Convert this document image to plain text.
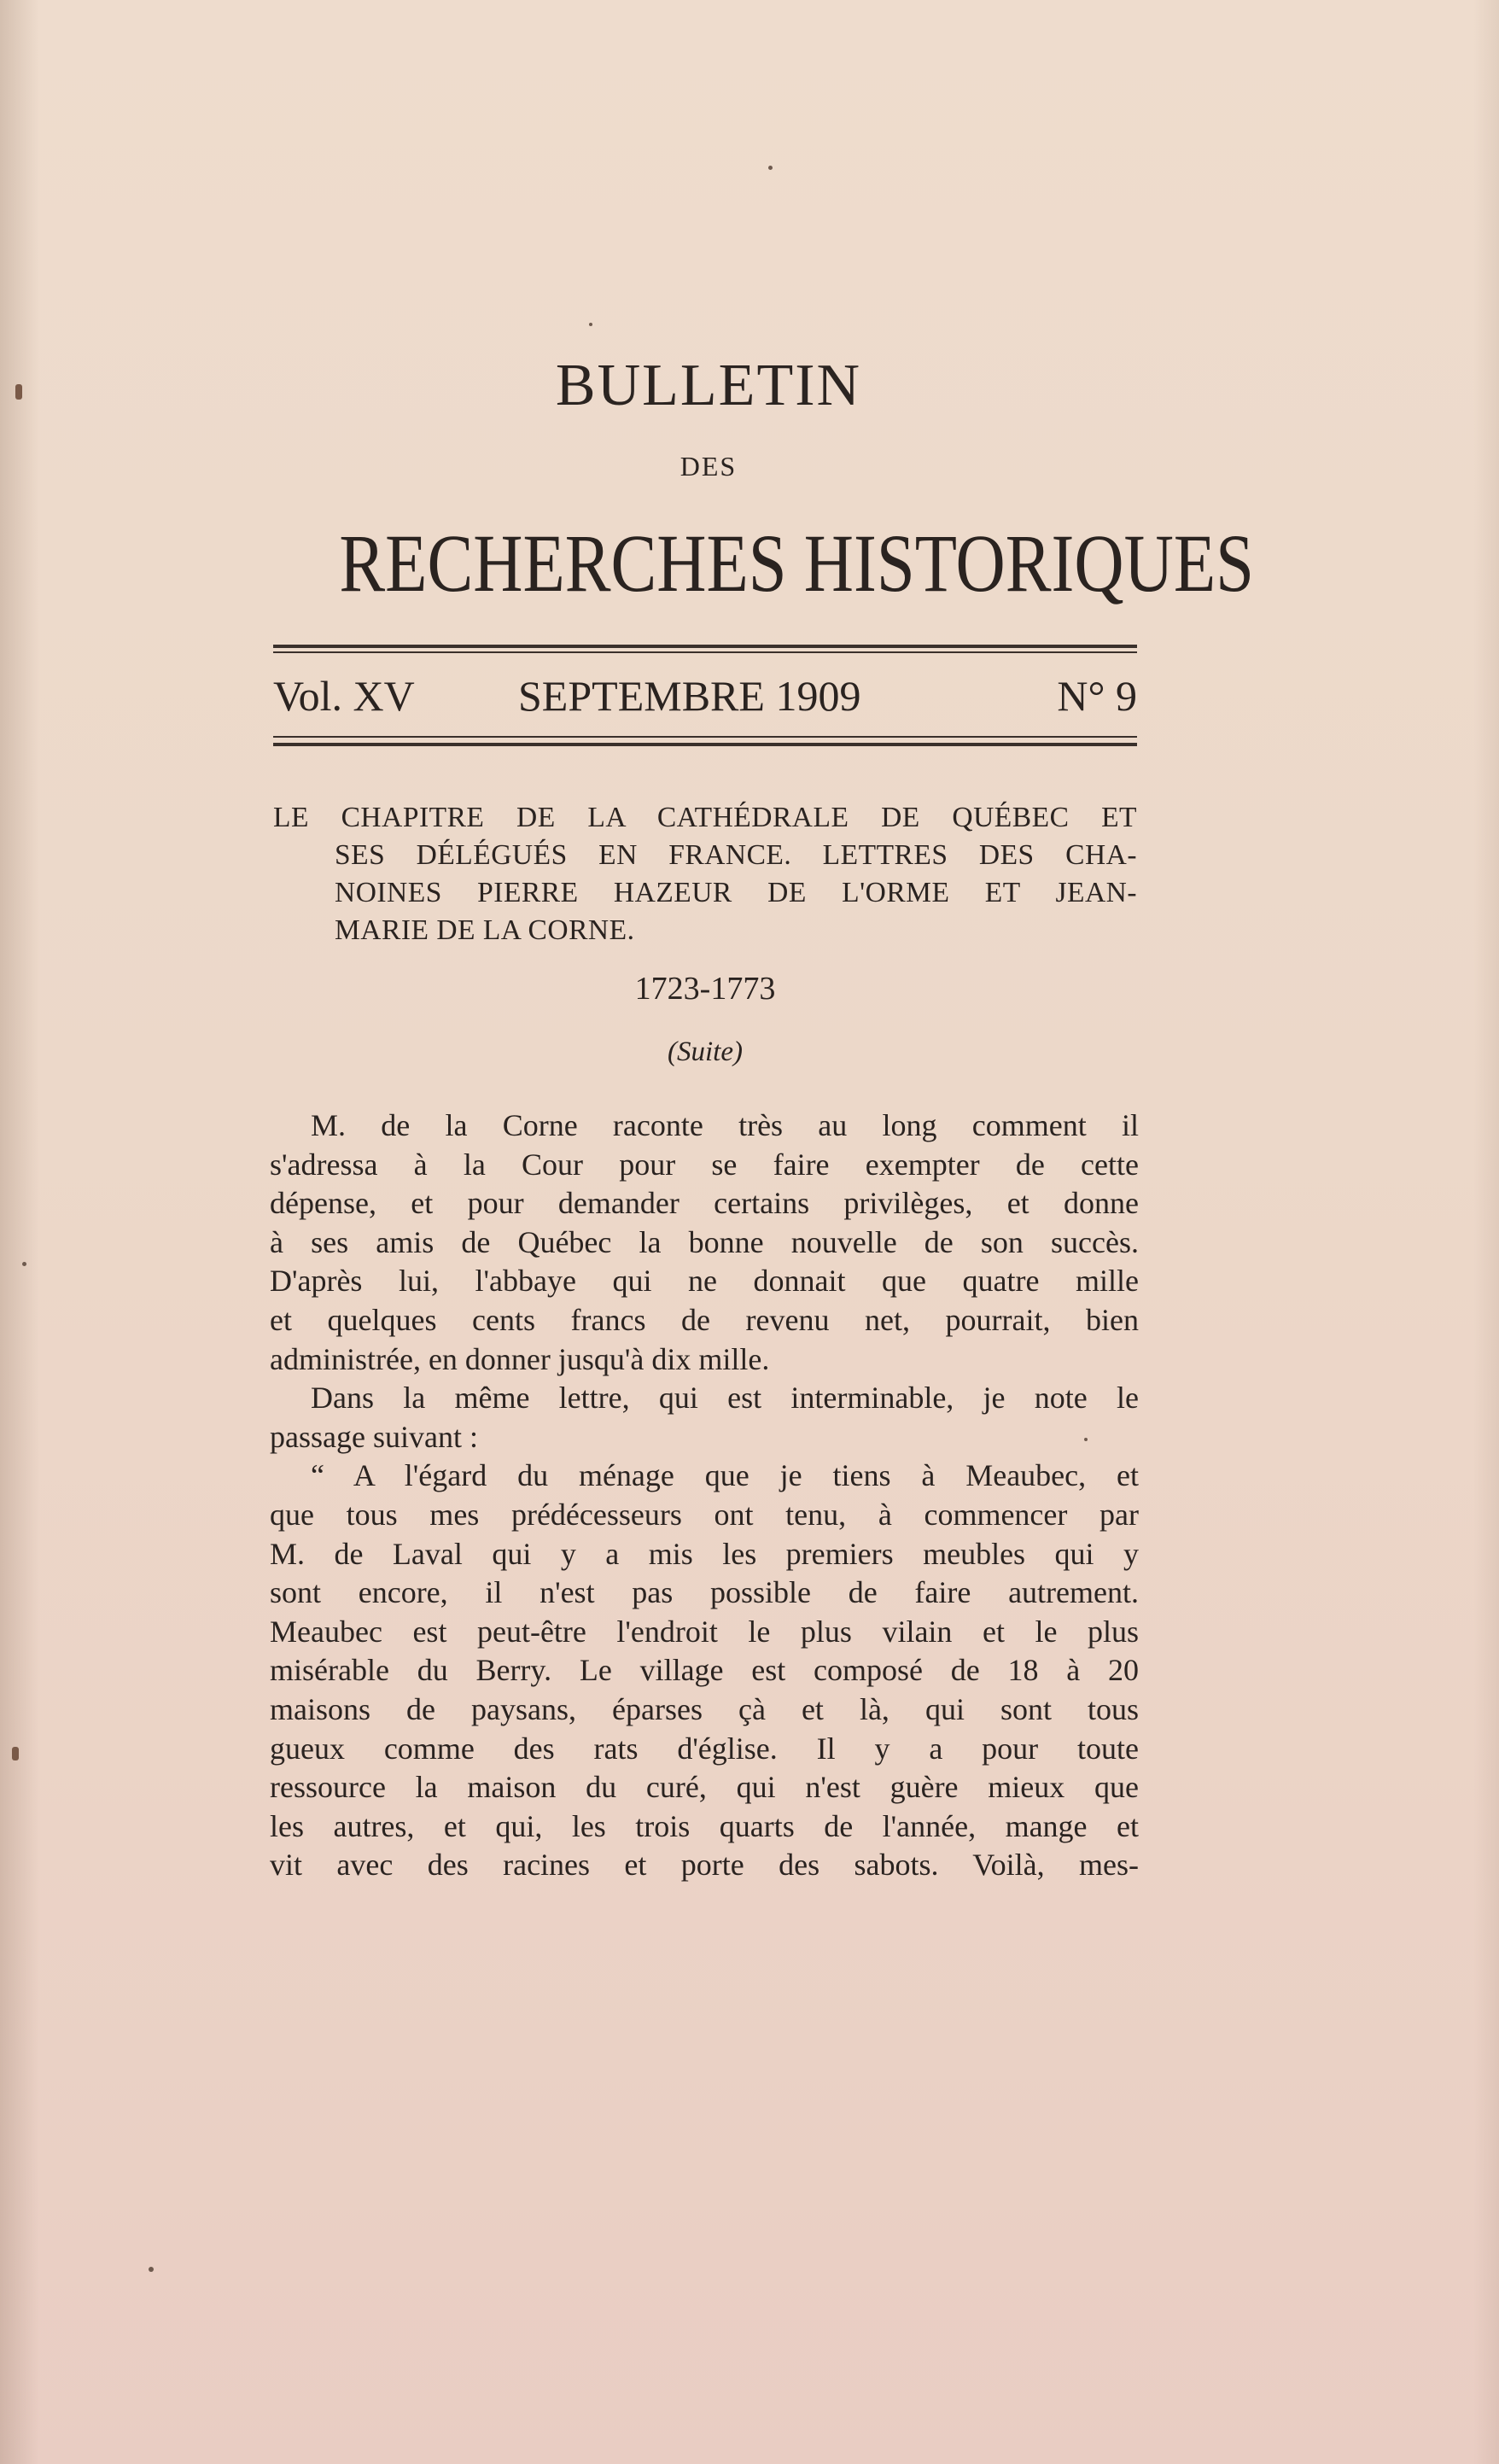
BULLETIN
DES
RECHERCHES HISTORIQUES
Vol. XV SEPTEMBRE 1909	N° 9
LE CHAPITRE DE LA CATHÉDRALE DE QUÉBEC ET
SES DÉLÉGUÉS EN FRANCE. LETTRES DES CHA-
NOINES PIERRE HAZEUR DE L'ORME ET JEAN-
MARIE DE LA CORNE.
1723-1773
(Suite)
M. de la Corne raconte très au long comment il
s'adressa à la Cour pour se faire exempter de cette
dépense, et pour demander certains privilèges, et donne
à ses amis de Québec la bonne nouvelle de son succès.
D'après lui, l'abbaye qui ne donnait que quatre mille
et quelques cents francs de revenu net, pourrait, bien
administrée, en donner jusqu'à dix mille.
Dans la même lettre, qui est interminable, je note le
passage suivant :
“ A l'égard du ménage que je tiens à Meaubec, et
que tous mes prédécesseurs ont tenu, à commencer par
M. de Laval qui y a mis les premiers meubles qui y
sont encore, il n'est pas possible de faire autrement.
Meaubec est peut-être l'endroit le plus vilain et le plus
misérable du Berry. Le village est composé de 18 à 20
maisons de paysans, éparses çà et là, qui sont tous
gueux comme des rats d'église. Il y a pour toute
ressource la maison du curé, qui n'est guère mieux que
les autres, et qui, les trois quarts de l'année, mange et
vit avec des racines et porte des sabots. Voilà, mes-
